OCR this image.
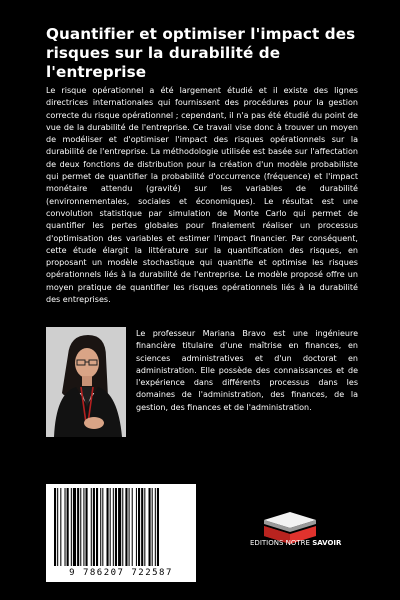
Quantifier et optimiser l'impact des risques sur la durabilité de l'entreprise

Le risque opérationnel a été largement étudié et il existe des lignes directrices internationales qui fournissent des procédures pour la gestion correcte du risque opérationnel ; cependant, il n'a pas été étudié du point de vue de la durabilité de l'entreprise. Ce travail vise donc à trouver un moyen de modéliser et d'optimiser l'impact des risques opérationnels sur la durabilité de l'entreprise. La méthodologie utilisée est basée sur l'affectation de deux fonctions de distribution pour la création d'un modèle probabiliste qui permet de quantifier la probabilité d'occurrence (fréquence) et l'impact monétaire attendu (gravité) sur les variables de durabilité (environnementales, sociales et économiques). Le résultat est une convolution statistique par simulation de Monte Carlo qui permet de quantifier les pertes globales pour finalement réaliser un processus d'optimisation des variables et estimer l'impact financier. Par conséquent, cette étude élargit la littérature sur la quantification des risques, en proposant un modèle stochastique qui quantifie et optimise les risques opérationnels liés à la durabilité de l'entreprise. Le modèle proposé offre un moyen pratique de quantifier les risques opérationnels liés à la durabilité des entreprises.

Le professeur Mariana Bravo est une ingénieure financière titulaire d'une maîtrise en finances, en sciences administratives et d'un doctorat en administration. Elle possède des connaissances et de l'expérience dans différents processus dans les domaines de l'administration, des finances, de la gestion, des finances et de l'administration.

9 786207 722587
EDITIONS NOTRE SAVOIR
